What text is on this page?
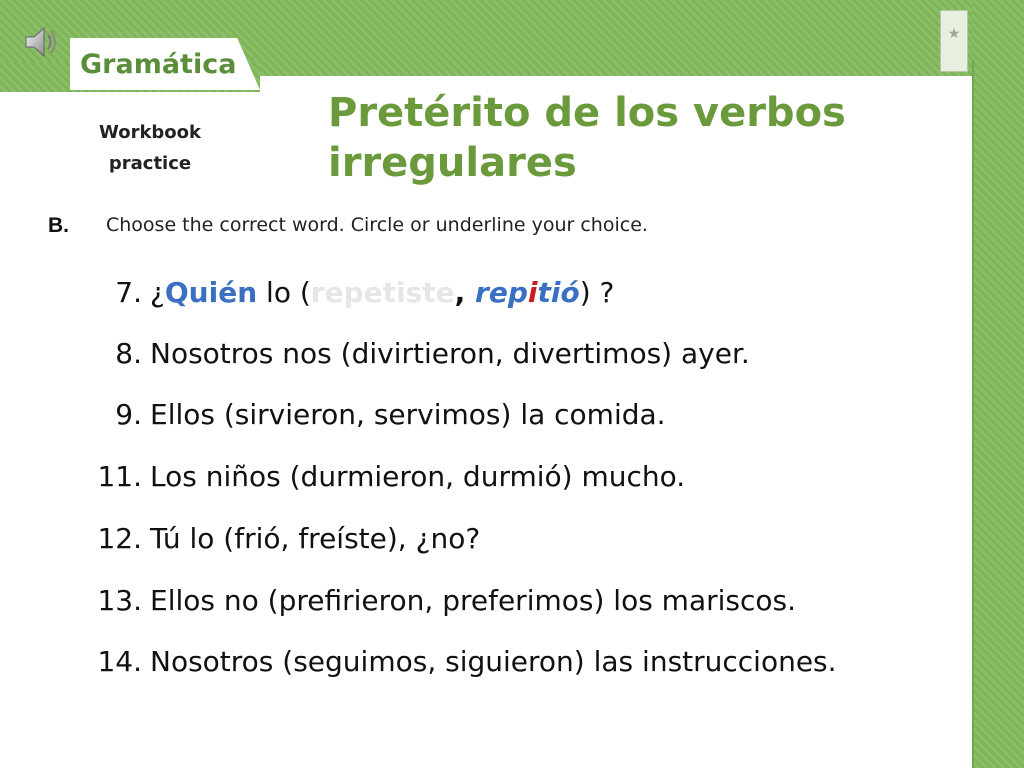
★
Gramática
Workbook
practice
Pretérito de los verbos
irregulares
B. Choose the correct word. Circle or underline your choice.
7. ¿Quién lo (repetiste, repitió) ?
8. Nosotros nos (divirtieron, divertimos) ayer.
9. Ellos (sirvieron, servimos) la comida.
11. Los niños (durmieron, durmió) mucho.
12. Tú lo (frió, freíste), ¿no?
13. Ellos no (prefirieron, preferimos) los mariscos.
14. Nosotros (seguimos, siguieron) las instrucciones.
